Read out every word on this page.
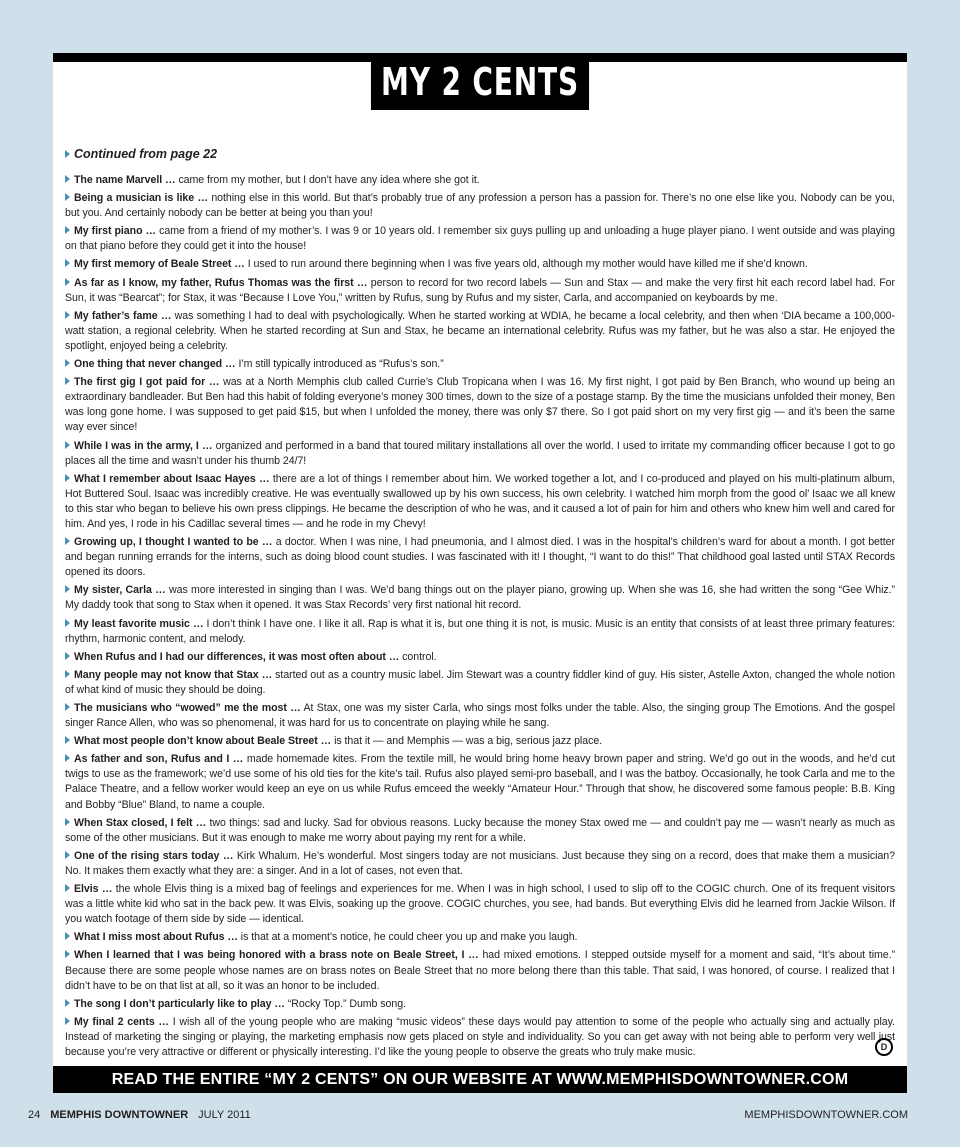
MY 2 CENTS
Continued from page 22

The name Marvell … came from my mother, but I don’t have any idea where she got it.

Being a musician is like … nothing else in this world. But that’s probably true of any profession a person has a passion for. There’s no one else like you. Nobody can be you, but you. And certainly nobody can be better at being you than you!

My first piano … came from a friend of my mother’s. I was 9 or 10 years old. I remember six guys pulling up and unloading a huge player piano. I went outside and was playing on that piano before they could get it into the house!

My first memory of Beale Street … I used to run around there beginning when I was five years old, although my mother would have killed me if she’d known.

As far as I know, my father, Rufus Thomas was the first … person to record for two record labels — Sun and Stax — and make the very first hit each record label had. For Sun, it was “Bearcat”; for Stax, it was “Because I Love You,” written by Rufus, sung by Rufus and my sister, Carla, and accompanied on keyboards by me.

My father’s fame … was something I had to deal with psychologically. When he started working at WDIA, he became a local celebrity, and then when ‘DIA became a 100,000-watt station, a regional celebrity. When he started recording at Sun and Stax, he became an international celebrity. Rufus was my father, but he was also a star. He enjoyed the spotlight, enjoyed being a celebrity.

One thing that never changed … I’m still typically introduced as “Rufus’s son.”

The first gig I got paid for … was at a North Memphis club called Currie’s Club Tropicana when I was 16. My first night, I got paid by Ben Branch, who wound up being an extraordinary bandleader. But Ben had this habit of folding everyone’s money 300 times, down to the size of a postage stamp. By the time the musicians unfolded their money, Ben was long gone home. I was supposed to get paid $15, but when I unfolded the money, there was only $7 there. So I got paid short on my very first gig — and it’s been the same way ever since!

While I was in the army, I … organized and performed in a band that toured military installations all over the world. I used to irritate my commanding officer because I got to go places all the time and wasn’t under his thumb 24/7!

What I remember about Isaac Hayes … there are a lot of things I remember about him. We worked together a lot, and I co-produced and played on his multi-platinum album, Hot Buttered Soul. Isaac was incredibly creative. He was eventually swallowed up by his own success, his own celebrity. I watched him morph from the good ol’ Isaac we all knew to this star who began to believe his own press clippings. He became the description of who he was, and it caused a lot of pain for him and others who knew him well and cared for him. And yes, I rode in his Cadillac several times — and he rode in my Chevy!

Growing up, I thought I wanted to be … a doctor. When I was nine, I had pneumonia, and I almost died. I was in the hospital’s children’s ward for about a month. I got better and began running errands for the interns, such as doing blood count studies. I was fascinated with it! I thought, “I want to do this!” That childhood goal lasted until STAX Records opened its doors.

My sister, Carla … was more interested in singing than I was. We’d bang things out on the player piano, growing up. When she was 16, she had written the song “Gee Whiz.” My daddy took that song to Stax when it opened. It was Stax Records’ very first national hit record.

My least favorite music … I don’t think I have one. I like it all. Rap is what it is, but one thing it is not, is music. Music is an entity that consists of at least three primary features: rhythm, harmonic content, and melody.

When Rufus and I had our differences, it was most often about … control.

Many people may not know that Stax … started out as a country music label. Jim Stewart was a country fiddler kind of guy. His sister, Astelle Axton, changed the whole notion of what kind of music they should be doing.

The musicians who “wowed” me the most … At Stax, one was my sister Carla, who sings most folks under the table. Also, the singing group The Emotions. And the gospel singer Rance Allen, who was so phenomenal, it was hard for us to concentrate on playing while he sang.

What most people don’t know about Beale Street … is that it — and Memphis — was a big, serious jazz place.

As father and son, Rufus and I … made homemade kites. From the textile mill, he would bring home heavy brown paper and string. We’d go out in the woods, and he’d cut twigs to use as the framework; we’d use some of his old ties for the kite’s tail. Rufus also played semi-pro baseball, and I was the batboy. Occasionally, he took Carla and me to the Palace Theatre, and a fellow worker would keep an eye on us while Rufus emceed the weekly “Amateur Hour.” Through that show, he discovered some famous people: B.B. King and Bobby “Blue” Bland, to name a couple.

When Stax closed, I felt … two things: sad and lucky. Sad for obvious reasons. Lucky because the money Stax owed me — and couldn’t pay me — wasn’t nearly as much as some of the other musicians. But it was enough to make me worry about paying my rent for a while.

One of the rising stars today … Kirk Whalum. He’s wonderful. Most singers today are not musicians. Just because they sing on a record, does that make them a musician? No. It makes them exactly what they are: a singer. And in a lot of cases, not even that.

Elvis … the whole Elvis thing is a mixed bag of feelings and experiences for me. When I was in high school, I used to slip off to the COGIC church. One of its frequent visitors was a little white kid who sat in the back pew. It was Elvis, soaking up the groove. COGIC churches, you see, had bands. But everything Elvis did he learned from Jackie Wilson. If you watch footage of them side by side — identical.

What I miss most about Rufus … is that at a moment’s notice, he could cheer you up and make you laugh.

When I learned that I was being honored with a brass note on Beale Street, I … had mixed emotions. I stepped outside myself for a moment and said, “It’s about time.” Because there are some people whose names are on brass notes on Beale Street that no more belong there than this table. That said, I was honored, of course. I realized that I didn’t have to be on that list at all, so it was an honor to be included.

The song I don’t particularly like to play … “Rocky Top.” Dumb song.

My final 2 cents … I wish all of the young people who are making “music videos” these days would pay attention to some of the people who actually sing and actually play. Instead of marketing the singing or playing, the marketing emphasis now gets placed on style and individuality. So you can get away with not being able to perform very well just because you’re very attractive or different or physically interesting. I’d like the young people to observe the greats who truly make music.	D
READ THE ENTIRE “MY 2 CENTS” ON OUR WEBSITE AT WWW.MEMPHISDOWNTOWNER.COM
24 MEMPHIS DOWNTOWNER JULY 2011	MEMPHISDOWNTOWNER.COM
